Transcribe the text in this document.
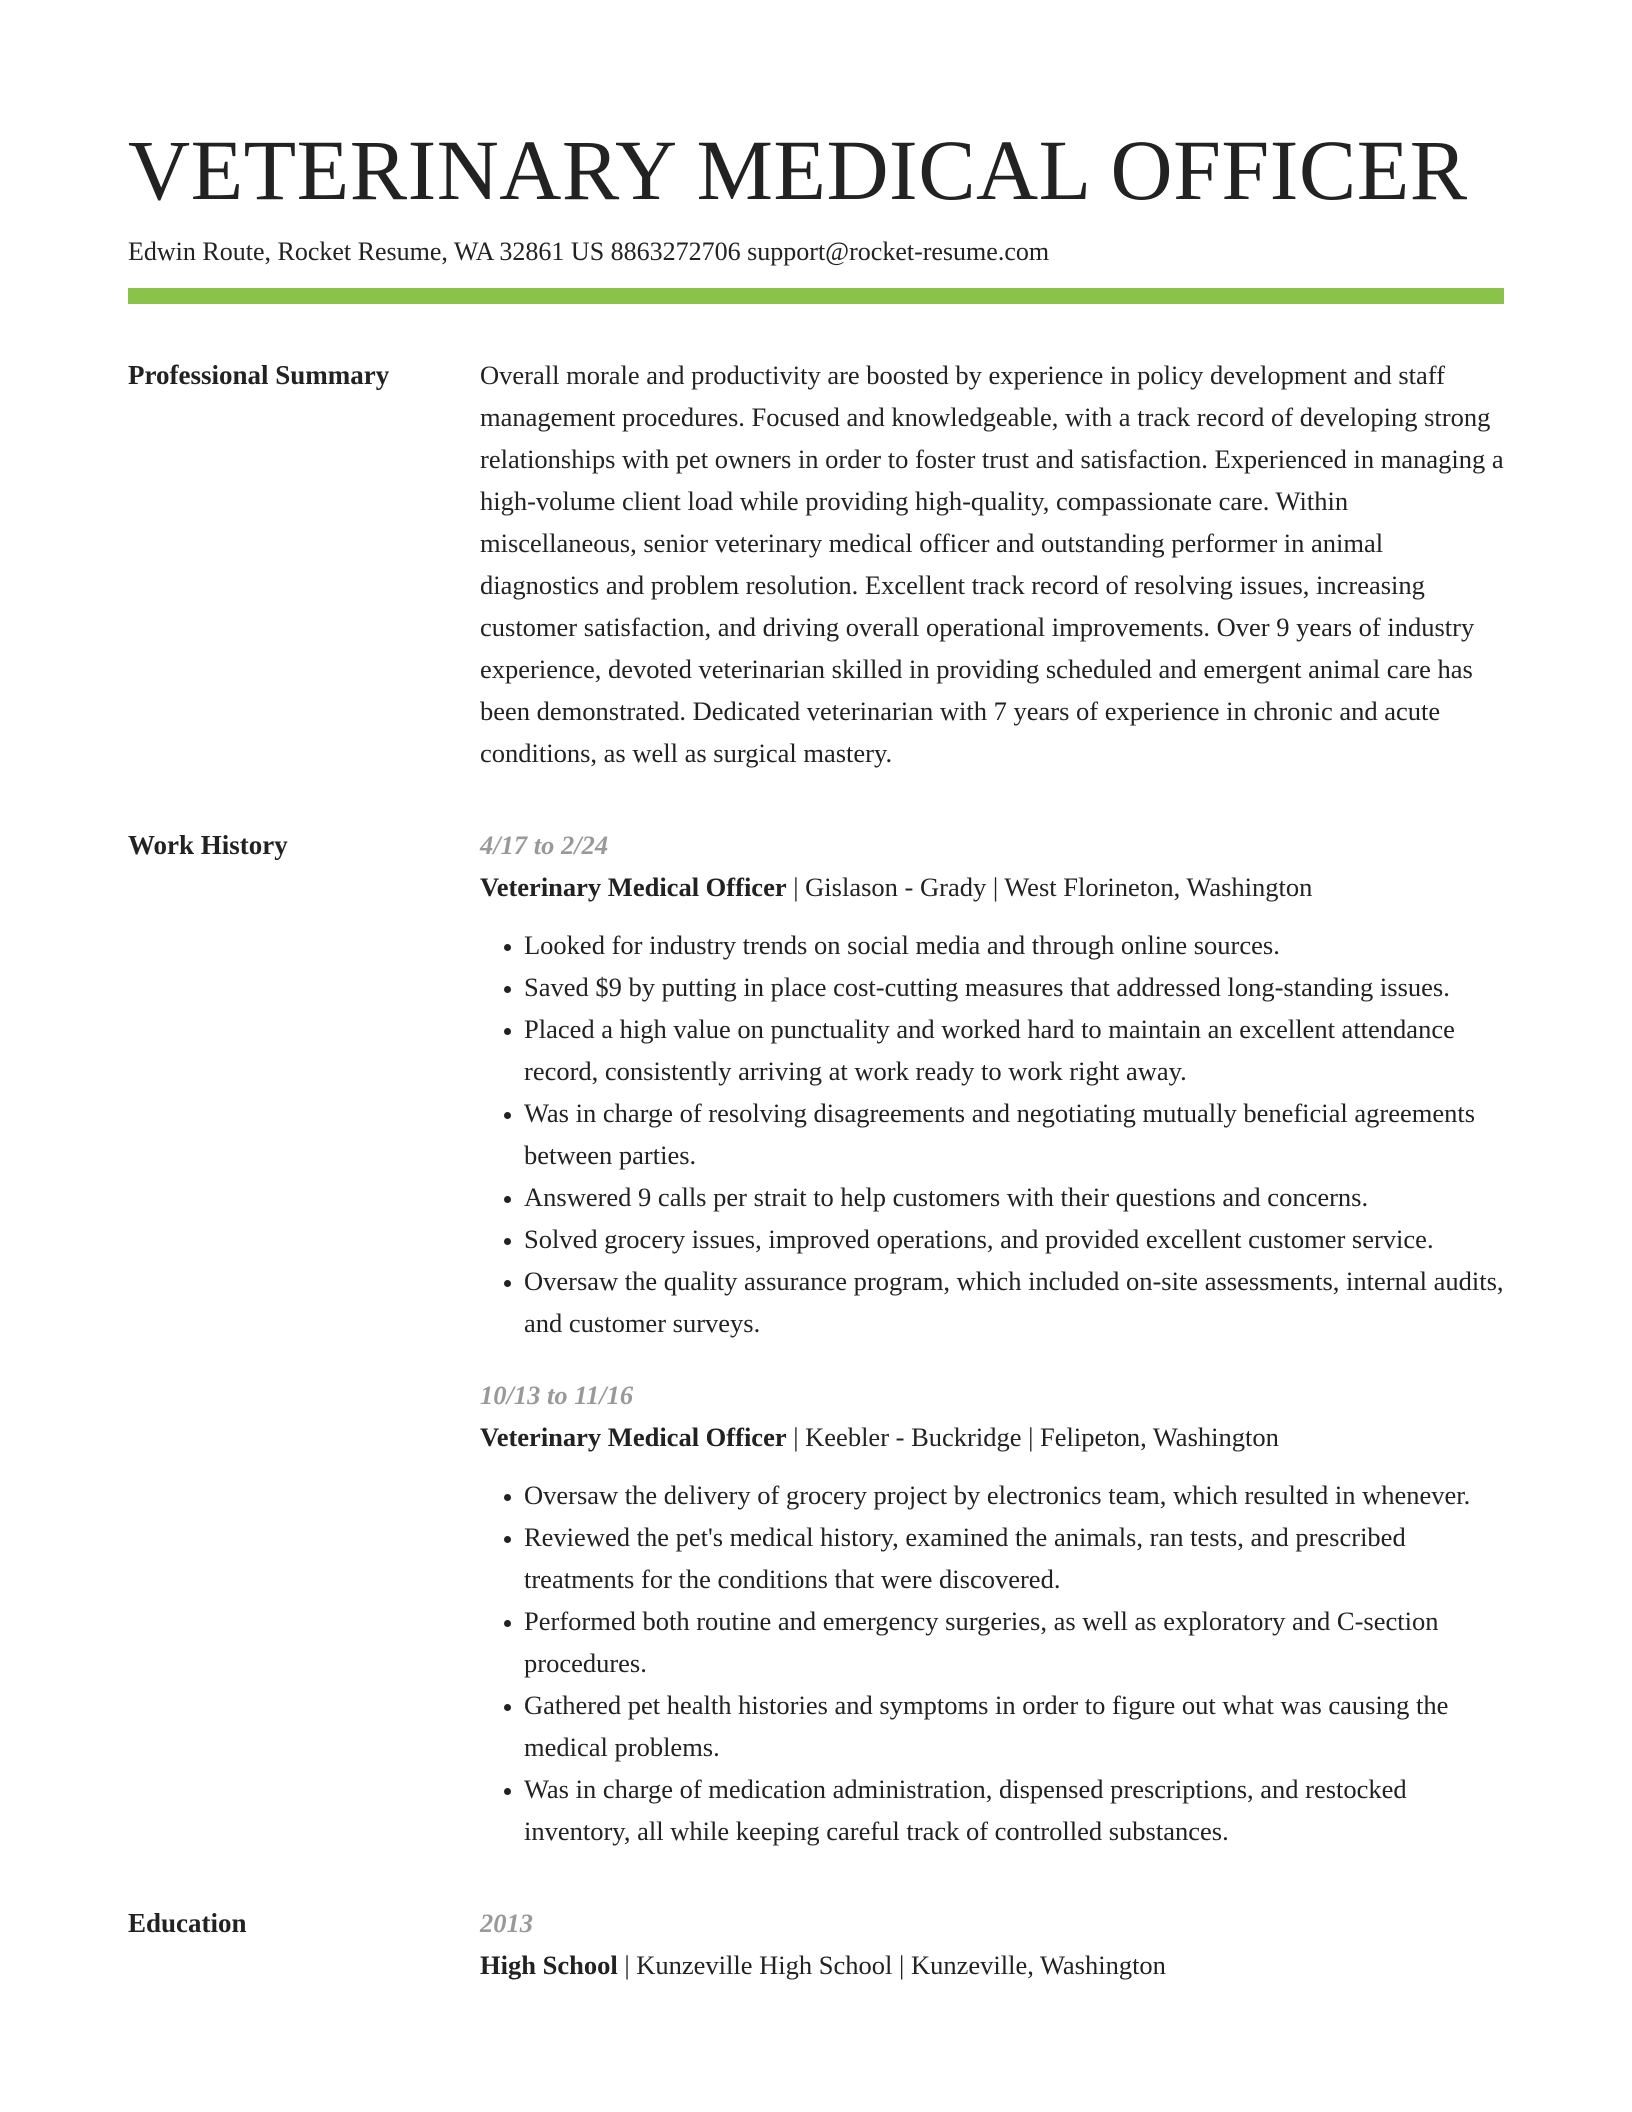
VETERINARY MEDICAL OFFICER
Edwin Route, Rocket Resume, WA 32861 US 8863272706 support@rocket-resume.com
Professional Summary	Overall morale and productivity are boosted by experience in policy development and staff management procedures. Focused and knowledgeable, with a track record of developing strong relationships with pet owners in order to foster trust and satisfaction. Experienced in managing a high-volume client load while providing high-quality, compassionate care. Within miscellaneous, senior veterinary medical officer and outstanding performer in animal diagnostics and problem resolution. Excellent track record of resolving issues, increasing customer satisfaction, and driving overall operational improvements. Over 9 years of industry experience, devoted veterinarian skilled in providing scheduled and emergent animal care has been demonstrated. Dedicated veterinarian with 7 years of experience in chronic and acute conditions, as well as surgical mastery.

Work History	4/17 to 2/24
Veterinary Medical Officer | Gislason - Grady | West Florineton, Washington
• Looked for industry trends on social media and through online sources.
• Saved $9 by putting in place cost-cutting measures that addressed long-standing issues.
• Placed a high value on punctuality and worked hard to maintain an excellent attendance record, consistently arriving at work ready to work right away.
• Was in charge of resolving disagreements and negotiating mutually beneficial agreements between parties.
• Answered 9 calls per strait to help customers with their questions and concerns.
• Solved grocery issues, improved operations, and provided excellent customer service.
• Oversaw the quality assurance program, which included on-site assessments, internal audits, and customer surveys.
10/13 to 11/16
Veterinary Medical Officer | Keebler - Buckridge | Felipeton, Washington
• Oversaw the delivery of grocery project by electronics team, which resulted in whenever.
• Reviewed the pet's medical history, examined the animals, ran tests, and prescribed treatments for the conditions that were discovered.
• Performed both routine and emergency surgeries, as well as exploratory and C-section procedures.
• Gathered pet health histories and symptoms in order to figure out what was causing the medical problems.
• Was in charge of medication administration, dispensed prescriptions, and restocked inventory, all while keeping careful track of controlled substances.
Education	2013
High School | Kunzeville High School | Kunzeville, Washington
